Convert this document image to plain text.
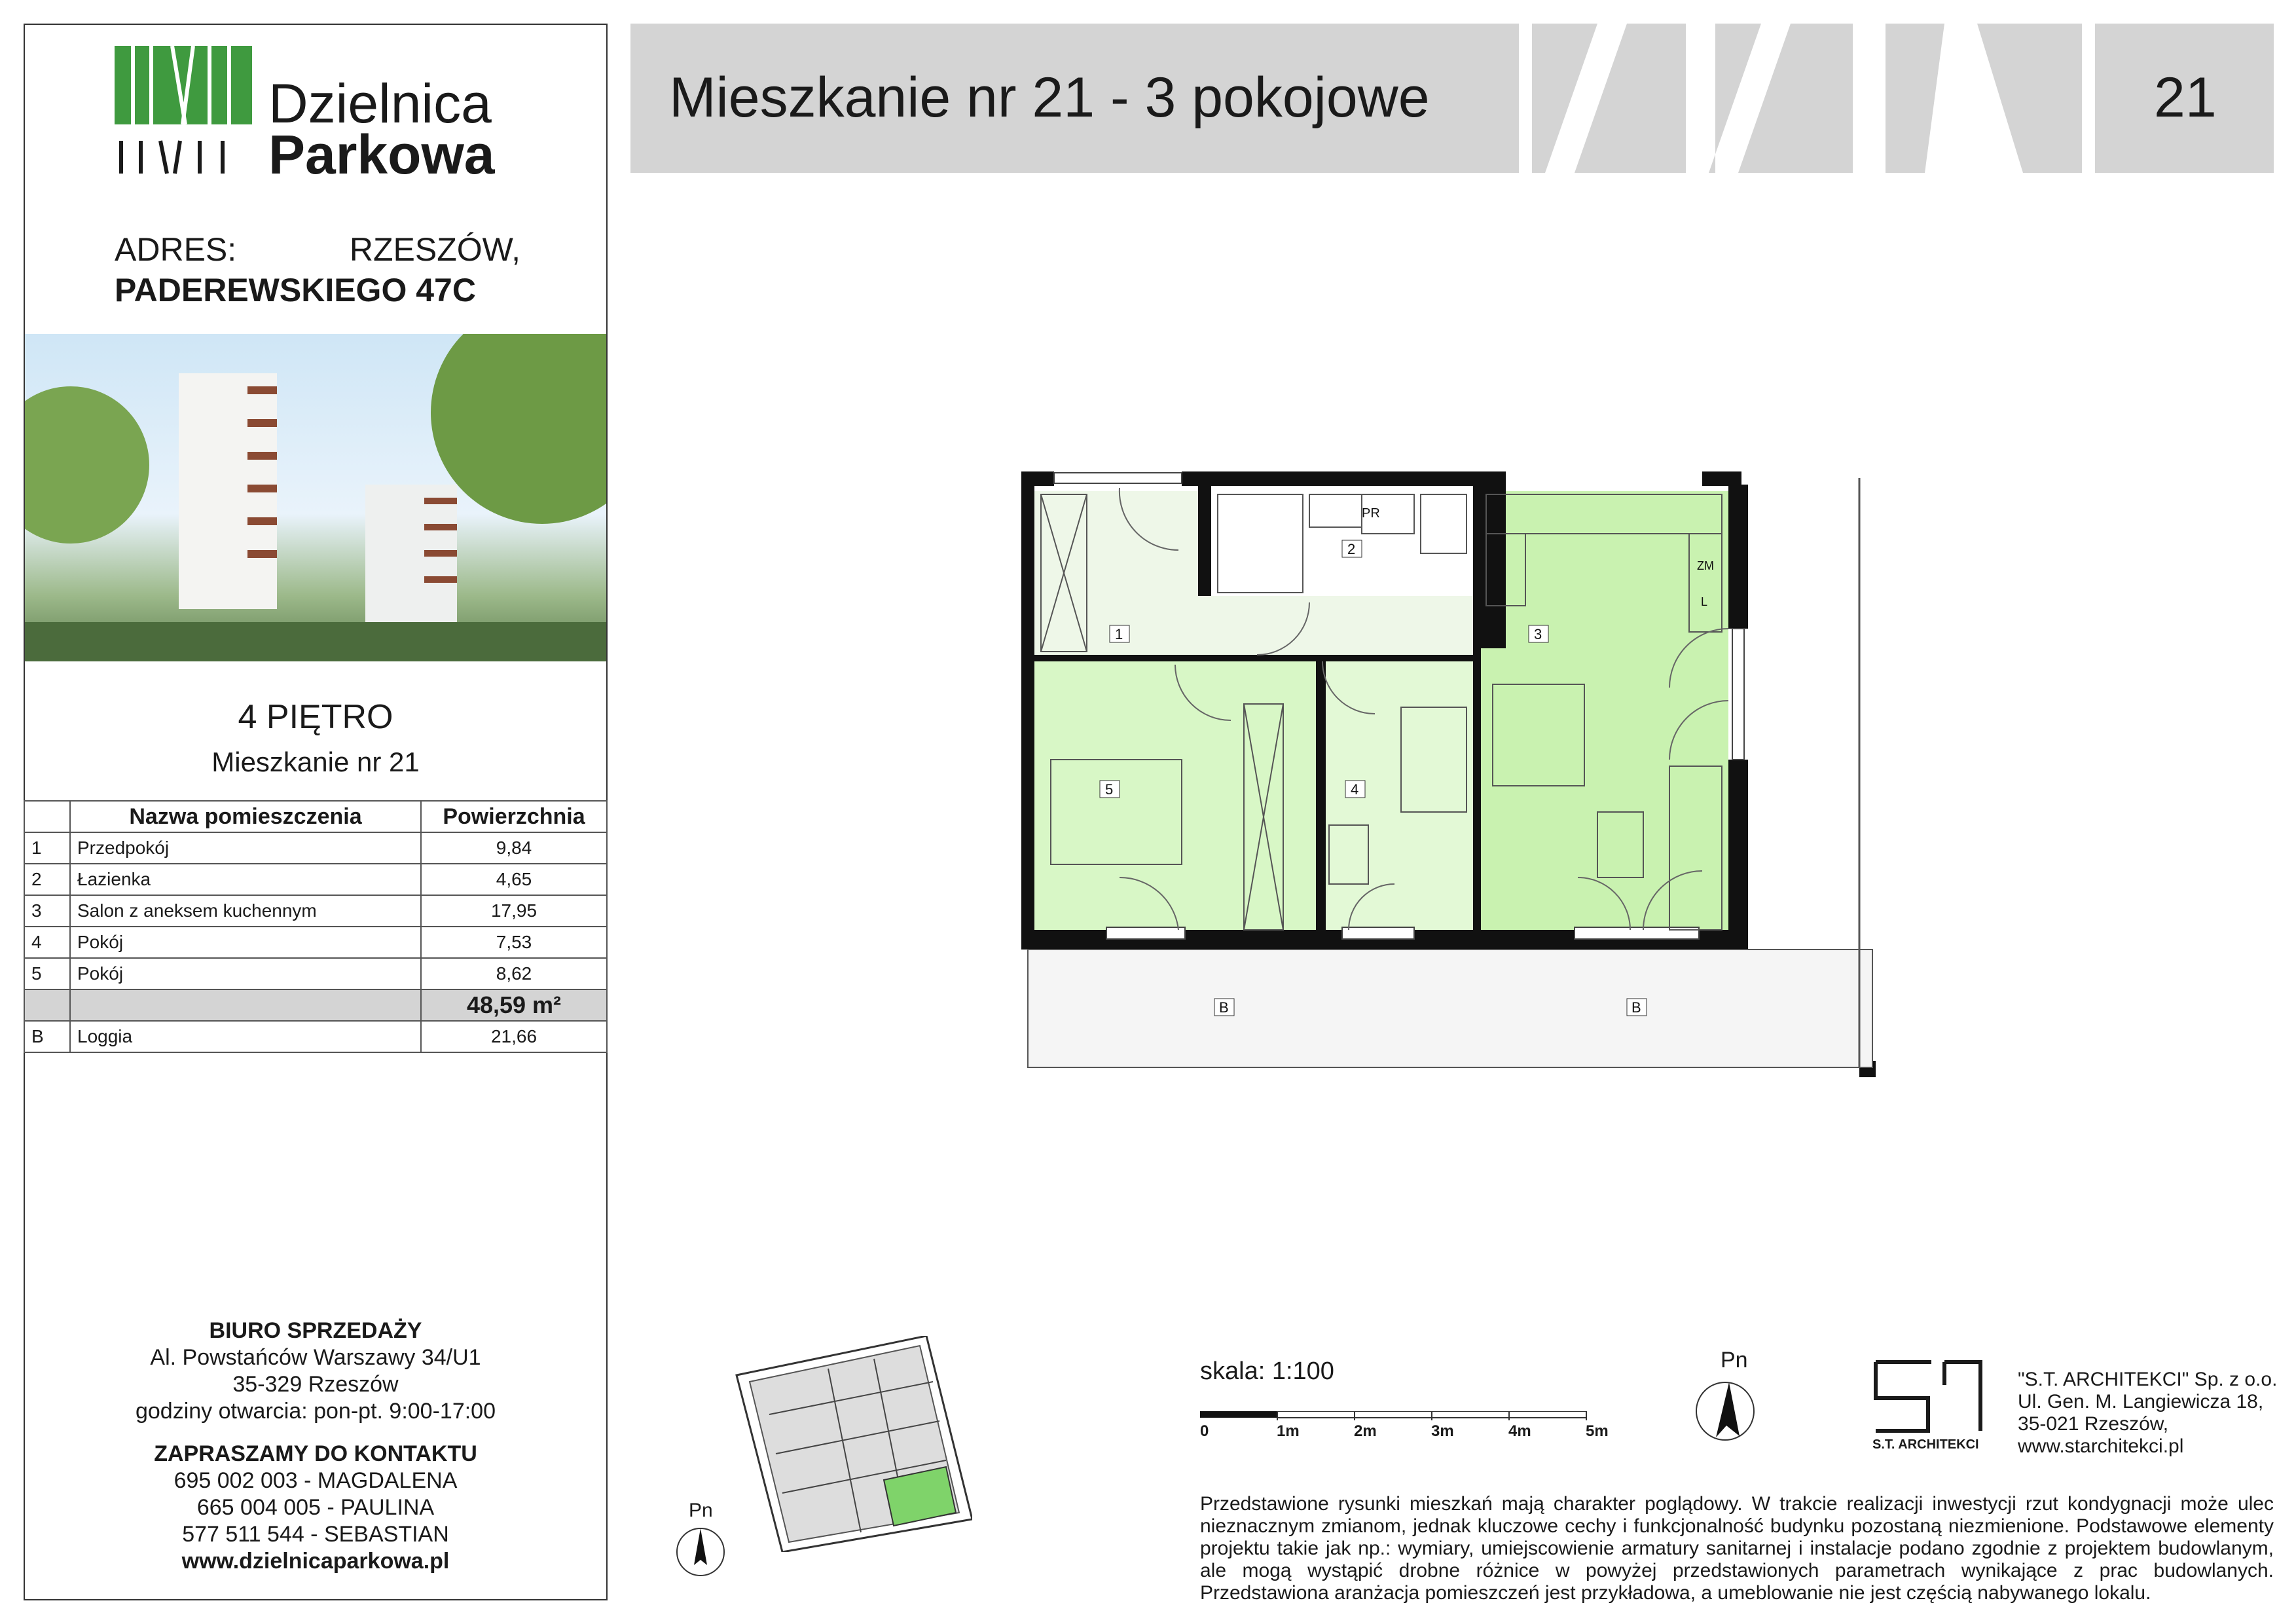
Dzielnica
Parkowa
ADRES:	RZESZÓW,
PADEREWSKIEGO 47C
4 PIĘTRO
Mieszkanie nr 21
	Nazwa pomieszczenia	Powierzchnia
1	Przedpokój	9,84
2	Łazienka	4,65
3	Salon z aneksem kuchennym	17,95
4	Pokój	7,53
5	Pokój	8,62
		48,59 m²
B	Loggia	21,66
BIURO SPRZEDAŻY
Al. Powstańców Warszawy 34/U1
35-329 Rzeszów
godziny otwarcia: pon-pt. 9:00-17:00
ZAPRASZAMY DO KONTAKTU
695 002 003 - MAGDALENA
665 004 005 - PAULINA
577 511 544 - SEBASTIAN
www.dzielnicaparkowa.pl
Mieszkanie nr 21 - 3 pokojowe	21
1
2
3
4
5
PR
ZM
L
B	B
Pn
skala: 1:100
0	1m	2m	3m	4m	5m
Pn
S.T. ARCHITEKCI
"S.T. ARCHITEKCI" Sp. z o.o.
Ul. Gen. M. Langiewicza 18,
35-021 Rzeszów,
www.starchitekci.pl
Przedstawione rysunki mieszkań mają charakter poglądowy. W trakcie realizacji inwestycji rzut kondygnacji może ulec nieznacznym zmianom, jednak kluczowe cechy i funkcjonalność budynku pozostaną niezmienione. Podstawowe elementy projektu takie jak np.: wymiary, umiejscowienie armatury sanitarnej i instalacje podano zgodnie z projektem budowlanym, ale mogą wystąpić drobne różnice w powyżej przedstawionych parametrach wynikające z prac budowlanych. Przedstawiona aranżacja pomieszczeń jest przykładowa, a umeblowanie nie jest częścią nabywanego lokalu.
